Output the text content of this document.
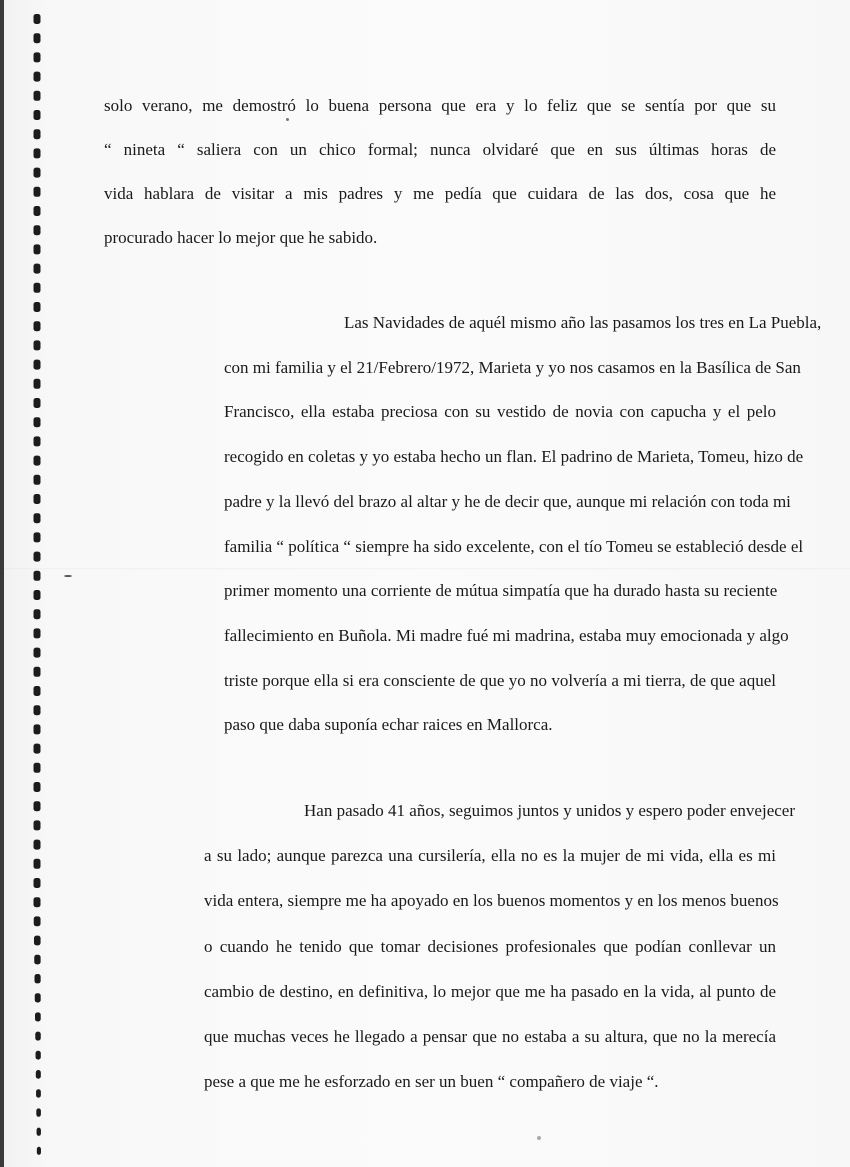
solo verano, me demostró lo buena persona que era y lo feliz que se sentía por que su
“ nineta “ saliera con un chico formal; nunca olvidaré que en sus últimas horas de
vida hablara de visitar a mis padres y me pedía que cuidara de las dos, cosa que he
procurado hacer lo mejor que he sabido.
Las Navidades de aquél mismo año las pasamos los tres en La Puebla,
con mi familia y el 21/Febrero/1972, Marieta y yo nos casamos en la Basílica de San
Francisco, ella estaba preciosa con su vestido de novia con capucha y el pelo
recogido en coletas y yo estaba hecho un flan. El padrino de Marieta, Tomeu, hizo de
padre y la llevó del brazo al altar y he de decir que, aunque mi relación con toda mi
familia “ política “ siempre ha sido excelente, con el tío Tomeu se estableció desde el
primer momento una corriente de mútua simpatía que ha durado hasta su reciente
fallecimiento en Buñola. Mi madre fué mi madrina, estaba muy emocionada y algo
triste porque ella si era consciente de que yo no volvería a mi tierra, de que aquel
paso que daba suponía echar raices en Mallorca.
Han pasado 41 años, seguimos juntos y unidos y espero poder envejecer
a su lado; aunque parezca una cursilería, ella no es la mujer de mi vida, ella es mi
vida entera, siempre me ha apoyado en los buenos momentos y en los menos buenos
o cuando he tenido que tomar decisiones profesionales que podían conllevar un
cambio de destino, en definitiva, lo mejor que me ha pasado en la vida, al punto de
que muchas veces he llegado a pensar que no estaba a su altura, que no la merecía
pese a que me he esforzado en ser un buen “ compañero de viaje “.
